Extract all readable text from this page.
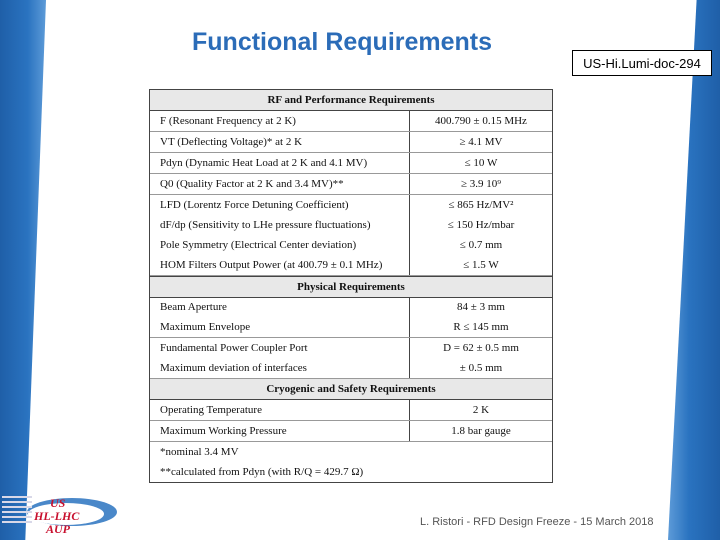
Functional Requirements
US-Hi.Lumi-doc-294
RF and Performance Requirements
F (Resonant Frequency at 2 K)	400.790 ± 0.15 MHz
VT (Deflecting Voltage)* at 2 K	≥ 4.1 MV
Pdyn (Dynamic Heat Load at 2 K and 4.1 MV)	≤ 10 W
Q0 (Quality Factor at 2 K and 3.4 MV)**	≥ 3.9 10⁹
LFD (Lorentz Force Detuning Coefficient)	≤ 865 Hz/MV²
dF/dp (Sensitivity to LHe pressure fluctuations)	≤ 150 Hz/mbar
Pole Symmetry (Electrical Center deviation)	≤ 0.7 mm
HOM Filters Output Power (at 400.79 ± 0.1 MHz)	≤ 1.5 W
Physical Requirements
Beam Aperture	84 ± 3 mm
Maximum Envelope	R ≤ 145 mm
Fundamental Power Coupler Port	D = 62 ± 0.5 mm
Maximum deviation of interfaces	± 0.5 mm
Cryogenic and Safety Requirements
Operating Temperature	2 K
Maximum Working Pressure	1.8 bar gauge
*nominal 3.4 MV
**calculated from Pdyn (with R/Q = 429.7 Ω)
US
HL-LHC
AUP	L. Ristori - RFD Design Freeze - 15 March 2018
